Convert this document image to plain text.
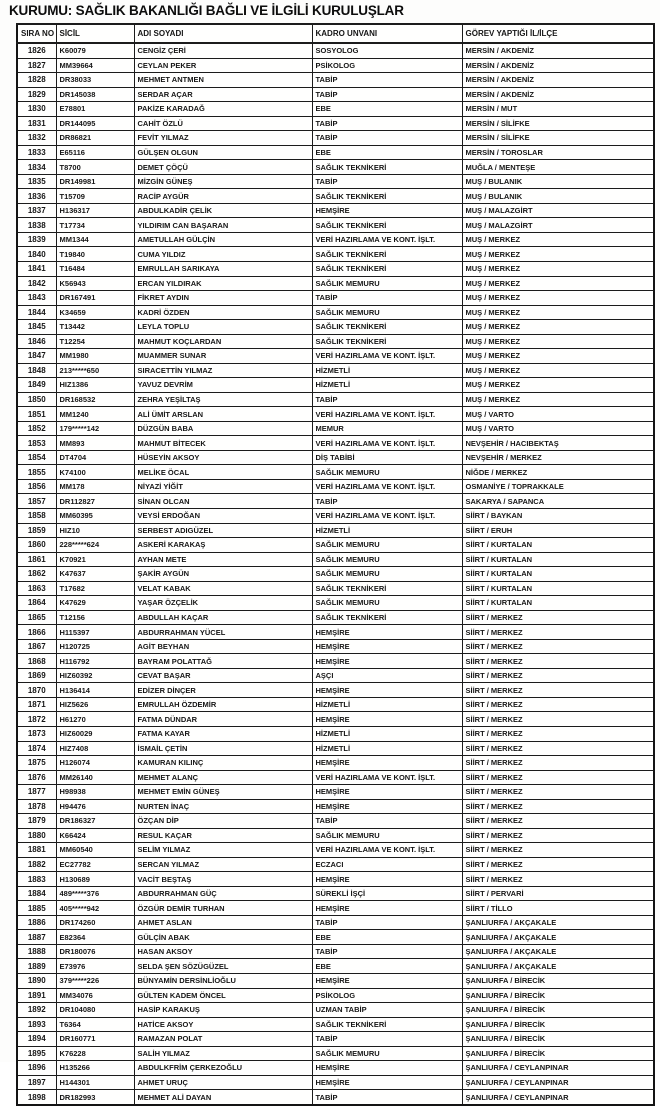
KURUMU: SAĞLIK BAKANLIĞI BAĞLI VE İLGİLİ KURULUŞLAR
SIRA NO	SİCİL	ADI SOYADI	KADRO UNVANI	GÖREV YAPTIĞI İL/İLÇE
1826	K60079	CENGİZ ÇERİ	SOSYOLOG	MERSİN / AKDENİZ
1827	MM39664	CEYLAN PEKER	PSİKOLOG	MERSİN / AKDENİZ
1828	DR38033	MEHMET ANTMEN	TABİP	MERSİN / AKDENİZ
1829	DR145038	SERDAR AÇAR	TABİP	MERSİN / AKDENİZ
1830	E78801	PAKİZE KARADAĞ	EBE	MERSİN / MUT
1831	DR144095	CAHİT ÖZLÜ	TABİP	MERSİN / SİLİFKE
1832	DR86821	FEVİT YILMAZ	TABİP	MERSİN / SİLİFKE
1833	E65116	GÜLŞEN OLGUN	EBE	MERSİN / TOROSLAR
1834	T8700	DEMET ÇÖÇÜ	SAĞLIK TEKNİKERİ	MUĞLA / MENTEŞE
1835	DR149981	MİZGİN GÜNEŞ	TABİP	MUŞ / BULANIK
1836	T15709	RACİP AYGÜR	SAĞLIK TEKNİKERİ	MUŞ / BULANIK
1837	H136317	ABDULKADİR ÇELİK	HEMŞİRE	MUŞ / MALAZGİRT
1838	T17734	YILDIRIM CAN BAŞARAN	SAĞLIK TEKNİKERİ	MUŞ / MALAZGİRT
1839	MM1344	AMETULLAH GÜLÇİN	VERİ HAZIRLAMA VE KONT. İŞLT.	MUŞ / MERKEZ
1840	T19840	CUMA YILDIZ	SAĞLIK TEKNİKERİ	MUŞ / MERKEZ
1841	T16484	EMRULLAH SARIKAYA	SAĞLIK TEKNİKERİ	MUŞ / MERKEZ
1842	K56943	ERCAN YILDIRAK	SAĞLIK MEMURU	MUŞ / MERKEZ
1843	DR167491	FİKRET AYDIN	TABİP	MUŞ / MERKEZ
1844	K34659	KADRİ ÖZDEN	SAĞLIK MEMURU	MUŞ / MERKEZ
1845	T13442	LEYLA TOPLU	SAĞLIK TEKNİKERİ	MUŞ / MERKEZ
1846	T12254	MAHMUT KOÇLARDAN	SAĞLIK TEKNİKERİ	MUŞ / MERKEZ
1847	MM1980	MUAMMER SUNAR	VERİ HAZIRLAMA VE KONT. İŞLT.	MUŞ / MERKEZ
1848	213*****650	SIRACETTİN YILMAZ	HİZMETLİ	MUŞ / MERKEZ
1849	HIZ1386	YAVUZ DEVRİM	HİZMETLİ	MUŞ / MERKEZ
1850	DR168532	ZEHRA YEŞİLTAŞ	TABİP	MUŞ / MERKEZ
1851	MM1240	ALİ ÜMİT ARSLAN	VERİ HAZIRLAMA VE KONT. İŞLT.	MUŞ / VARTO
1852	179*****142	DÜZGÜN BABA	MEMUR	MUŞ / VARTO
1853	MM893	MAHMUT BİTECEK	VERİ HAZIRLAMA VE KONT. İŞLT.	NEVŞEHİR / HACIBEKTAŞ
1854	DT4704	HÜSEYİN AKSOY	DİŞ TABİBİ	NEVŞEHİR / MERKEZ
1855	K74100	MELİKE ÖCAL	SAĞLIK MEMURU	NİĞDE / MERKEZ
1856	MM178	NİYAZİ YİĞİT	VERİ HAZIRLAMA VE KONT. İŞLT.	OSMANİYE / TOPRAKKALE
1857	DR112827	SİNAN OLCAN	TABİP	SAKARYA / SAPANCA
1858	MM60395	VEYSİ ERDOĞAN	VERİ HAZIRLAMA VE KONT. İŞLT.	SİİRT / BAYKAN
1859	HIZ10	SERBEST ADIGÜZEL	HİZMETLİ	SİİRT / ERUH
1860	228*****624	ASKERİ KARAKAŞ	SAĞLIK MEMURU	SİİRT / KURTALAN
1861	K70921	AYHAN METE	SAĞLIK MEMURU	SİİRT / KURTALAN
1862	K47637	ŞAKİR AYGÜN	SAĞLIK MEMURU	SİİRT / KURTALAN
1863	T17682	VELAT KABAK	SAĞLIK TEKNİKERİ	SİİRT / KURTALAN
1864	K47629	YAŞAR ÖZÇELİK	SAĞLIK MEMURU	SİİRT / KURTALAN
1865	T12156	ABDULLAH KAÇAR	SAĞLIK TEKNİKERİ	SİİRT / MERKEZ
1866	H115397	ABDURRAHMAN YÜCEL	HEMŞİRE	SİİRT / MERKEZ
1867	H120725	AGİT BEYHAN	HEMŞİRE	SİİRT / MERKEZ
1868	H116792	BAYRAM POLATTAĞ	HEMŞİRE	SİİRT / MERKEZ
1869	HIZ60392	CEVAT BAŞAR	AŞÇI	SİİRT / MERKEZ
1870	H136414	EDİZER DİNÇER	HEMŞİRE	SİİRT / MERKEZ
1871	HIZ5626	EMRULLAH ÖZDEMİR	HİZMETLİ	SİİRT / MERKEZ
1872	H61270	FATMA DÜNDAR	HEMŞİRE	SİİRT / MERKEZ
1873	HIZ60029	FATMA KAYAR	HİZMETLİ	SİİRT / MERKEZ
1874	HIZ7408	İSMAİL ÇETİN	HİZMETLİ	SİİRT / MERKEZ
1875	H126074	KAMURAN KILINÇ	HEMŞİRE	SİİRT / MERKEZ
1876	MM26140	MEHMET ALANÇ	VERİ HAZIRLAMA VE KONT. İŞLT.	SİİRT / MERKEZ
1877	H98938	MEHMET EMİN GÜNEŞ	HEMŞİRE	SİİRT / MERKEZ
1878	H94476	NURTEN İNAÇ	HEMŞİRE	SİİRT / MERKEZ
1879	DR186327	ÖZÇAN DİP	TABİP	SİİRT / MERKEZ
1880	K66424	RESUL KAÇAR	SAĞLIK MEMURU	SİİRT / MERKEZ
1881	MM60540	SELİM YILMAZ	VERİ HAZIRLAMA VE KONT. İŞLT.	SİİRT / MERKEZ
1882	EC27782	SERCAN YILMAZ	ECZACI	SİİRT / MERKEZ
1883	H130689	VACİT BEŞTAŞ	HEMŞİRE	SİİRT / MERKEZ
1884	489*****376	ABDURRAHMAN GÜÇ	SÜREKLİ İŞÇİ	SİİRT / PERVARİ
1885	405*****942	ÖZGÜR DEMİR TURHAN	HEMŞİRE	SİİRT / TİLLO
1886	DR174260	AHMET ASLAN	TABİP	ŞANLIURFA / AKÇAKALE
1887	E82364	GÜLÇİN ABAK	EBE	ŞANLIURFA / AKÇAKALE
1888	DR180076	HASAN AKSOY	TABİP	ŞANLIURFA / AKÇAKALE
1889	E73976	SELDA ŞEN SÖZÜGÜZEL	EBE	ŞANLIURFA / AKÇAKALE
1890	379*****226	BÜNYAMİN DERSİNLİOĞLU	HEMŞİRE	ŞANLIURFA / BİRECİK
1891	MM34076	GÜLTEN KADEM ÖNCEL	PSİKOLOG	ŞANLIURFA / BİRECİK
1892	DR104080	HASİP KARAKUŞ	UZMAN TABİP	ŞANLIURFA / BİRECİK
1893	T6364	HATİCE AKSOY	SAĞLIK TEKNİKERİ	ŞANLIURFA / BİRECİK
1894	DR160771	RAMAZAN POLAT	TABİP	ŞANLIURFA / BİRECİK
1895	K76228	SALİH YILMAZ	SAĞLIK MEMURU	ŞANLIURFA / BİRECİK
1896	H135266	ABDULKFRİM ÇERKEZOĞLU	HEMŞİRE	ŞANLIURFA / CEYLANPINAR
1897	H144301	AHMET URUÇ	HEMŞİRE	ŞANLIURFA / CEYLANPINAR
1898	DR182993	MEHMET ALİ DAYAN	TABİP	ŞANLIURFA / CEYLANPINAR
